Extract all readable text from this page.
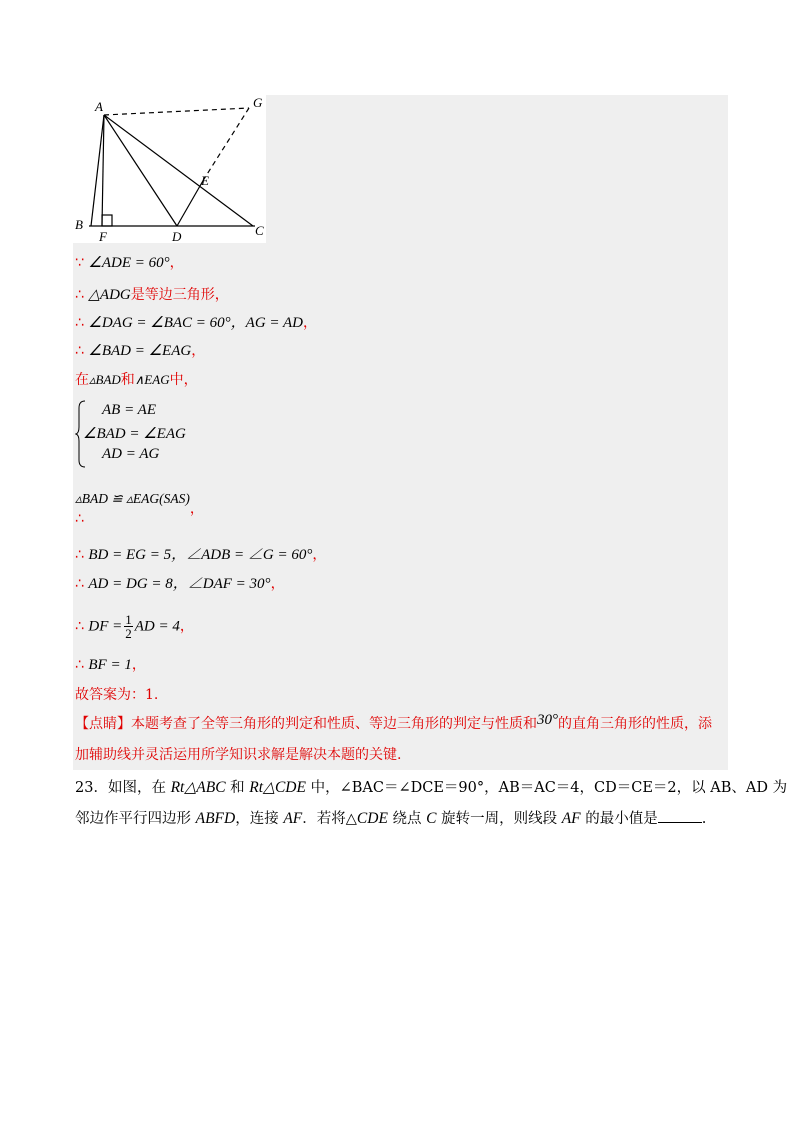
A	G
E
B
F	D	C
∵ ∠ADE = 60°，
∴ △ADG是等边三角形，
∴ ∠DAG = ∠BAC = 60°，AG = AD，
∴ ∠BAD = ∠EAG，
在▵BAD和∧EAG中，
AB = AE
∠BAD = ∠EAG
AD = AG
▵BAD ≌ ▵EAG(SAS)，
∴
∴ BD = EG = 5，∠ADB = ∠G = 60°，
∴ AD = DG = 8，∠DAF = 30°，
∴ DF = $\frac{1}{2}$ AD = 4，
∴ BF = 1，
故答案为：1.
【点睛】本题考查了全等三角形的判定和性质、等边三角形的判定与性质和30°的直角三角形的性质，添
加辅助线并灵活运用所学知识求解是解决本题的关键.
23．如图，在 Rt△ABC 和 Rt△CDE 中，∠BAC＝∠DCE＝90°，AB＝AC＝4，CD＝CE＝2，以 AB、AD 为
邻边作平行四边形 ABFD，连接 AF．若将△CDE 绕点 C 旋转一周，则线段 AF 的最小值是	.
